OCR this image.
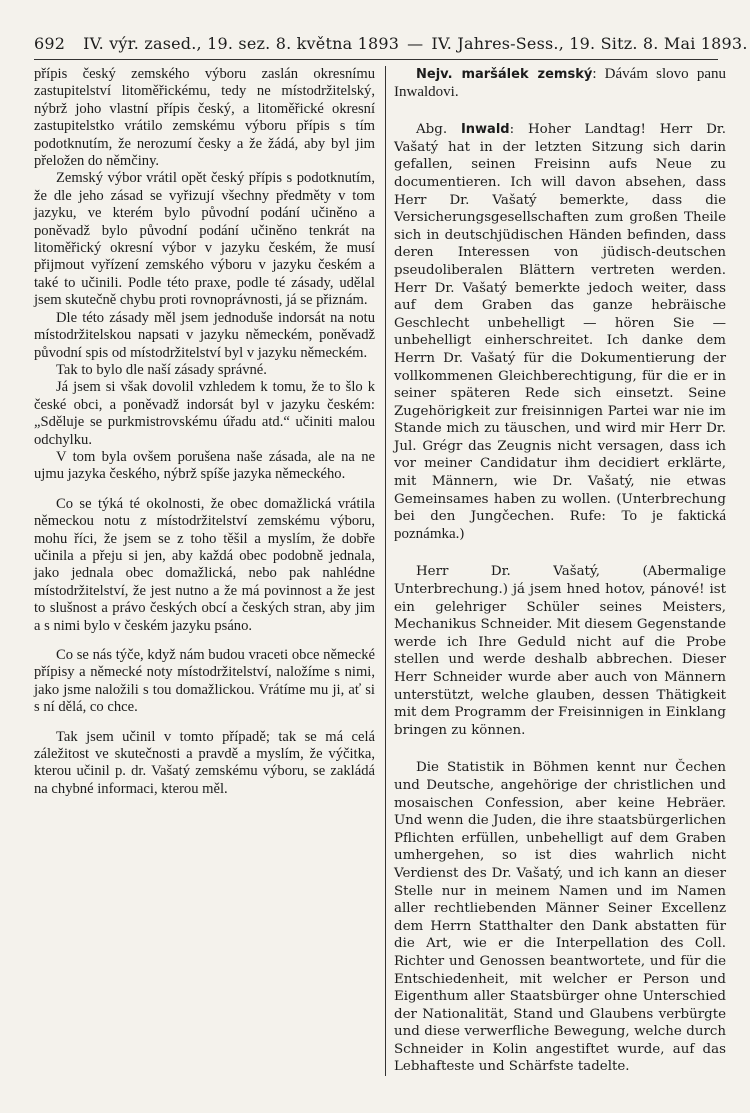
692 IV. výr. zased., 19. sez. 8. května 1893 — IV. Jahres-Sess., 19. Sitz. 8. Mai 1893.

přípis český zemského výboru zaslán okresnímu zastupitelství litoměřickému, tedy ne místodržitelský, nýbrž joho vlastní přípis český, a litoměřické okresní zastupitelstko vrátilo zemskému výboru přípis s tím podotknutím, že nerozumí česky a že žádá, aby byl jim přeložen do němčiny.

Zemský výbor vrátil opět český přípis s podotknutím, že dle jeho zásad se vyřizují všechny předměty v tom jazyku, ve kterém bylo původní podání učiněno a poněvadž bylo původní podání učiněno tenkrát na litoměřický okresní výbor v jazyku českém, že musí přijmout vyřízení zemského výboru v jazyku českém a také to učinili. Podle této praxe, podle té zásady, udělal jsem skutečně chybu proti rovnoprávnosti, já se přiznám.

Dle této zásady měl jsem jednoduše indorsát na notu místodržitelskou napsati v jazyku německém, poněvadž původní spis od místodržitelství byl v jazyku německém.

Tak to bylo dle naší zásady správné.

Já jsem si však dovolil vzhledem k tomu, že to šlo k české obci, a poněvadž indorsát byl v jazyku českém: „Sděluje se purkmistrovskému úřadu atd.“ učiniti malou odchylku.

V tom byla ovšem porušena naše zásada, ale na ne ujmu jazyka českého, nýbrž spíše jazyka německého.

Co se týká té okolnosti, že obec domažlická vrátila německou notu z místodržitelství zemskému výboru, mohu říci, že jsem se z toho těšil a myslím, že dobře učinila a přeju si jen, aby každá obec podobně jednala, jako jednala obec domažlická, nebo pak nahlédne místodržitelství, že jest nutno a že má povinnost a že jest to slušnost a právo českých obcí a českých stran, aby jim a s nimi bylo v českém jazyku psáno.

Co se nás týče, když nám budou vraceti obce německé přípisy a německé noty místodržitelství, naložíme s nimi, jako jsme naložili s tou domažlickou. Vrátíme mu ji, ať si s ní dělá, co chce.

Tak jsem učinil v tomto případě; tak se má celá záležitost ve skutečnosti a pravdě a myslím, že výčitka, kterou učinil p. dr. Vašatý zemskému výboru, se zakládá na chybné informaci, kterou měl.

Nejv. maršálek zemský: Dávám slovo panu Inwaldovi.

Abg. Inwald: Hoher Landtag! Herr Dr. Vašatý hat in der letzten Sitzung sich darin gefallen, seinen Freisinn aufs Neue zu documentieren. Ich will davon absehen, dass Herr Dr. Vašatý bemerkte, dass die Versicherungsgesellschaften zum großen Theile sich in deutschjüdischen Händen befinden, dass deren Interessen von jüdisch-deutschen pseudoliberalen Blättern vertreten werden. Herr Dr. Vašatý bemerkte jedoch weiter, dass auf dem Graben das ganze hebräische Geschlecht unbehelligt — hören Sie — unbehelligt einherschreitet. Ich danke dem Herrn Dr. Vašatý für die Dokumentierung der vollkommenen Gleichberechtigung, für die er in seiner späteren Rede sich einsetzt. Seine Zugehörigkeit zur freisinnigen Partei war nie im Stande mich zu täuschen, und wird mir Herr Dr. Jul. Grégr das Zeugnis nicht versagen, dass ich vor meiner Candidatur ihm decidiert erklärte, mit Männern, wie Dr. Vašatý, nie etwas Gemeinsames haben zu wollen. (Unterbrechung bei den Jungčechen. Rufe: To je faktická poznámka.)

Herr Dr. Vašatý, (Abermalige Unterbrechung.) já jsem hned hotov, pánové! ist ein gelehriger Schüler seines Meisters, Mechanikus Schneider. Mit diesem Gegenstande werde ich Ihre Geduld nicht auf die Probe stellen und werde deshalb abbrechen. Dieser Herr Schneider wurde aber auch von Männern unterstützt, welche glauben, dessen Thätigkeit mit dem Programm der Freisinnigen in Einklang bringen zu können.

Die Statistik in Böhmen kennt nur Čechen und Deutsche, angehörige der christlichen und mosaischen Confession, aber keine Hebräer. Und wenn die Juden, die ihre staatsbürgerlichen Pflichten erfüllen, unbehelligt auf dem Graben umhergehen, so ist dies wahrlich nicht Verdienst des Dr. Vašatý, und ich kann an dieser Stelle nur in meinem Namen und im Namen aller rechtliebenden Männer Seiner Excellenz dem Herrn Statthalter den Dank abstatten für die Art, wie er die Interpellation des Coll. Richter und Genossen beantwortete, und für die Entschiedenheit, mit welcher er Person und Eigenthum aller Staatsbürger ohne Unterschied der Nationalität, Stand und Glaubens verbürgte und diese verwerfliche Bewegung, welche durch Schneider in Kolin angestiftet wurde, auf das Lebhafteste und Schärfste tadelte.
